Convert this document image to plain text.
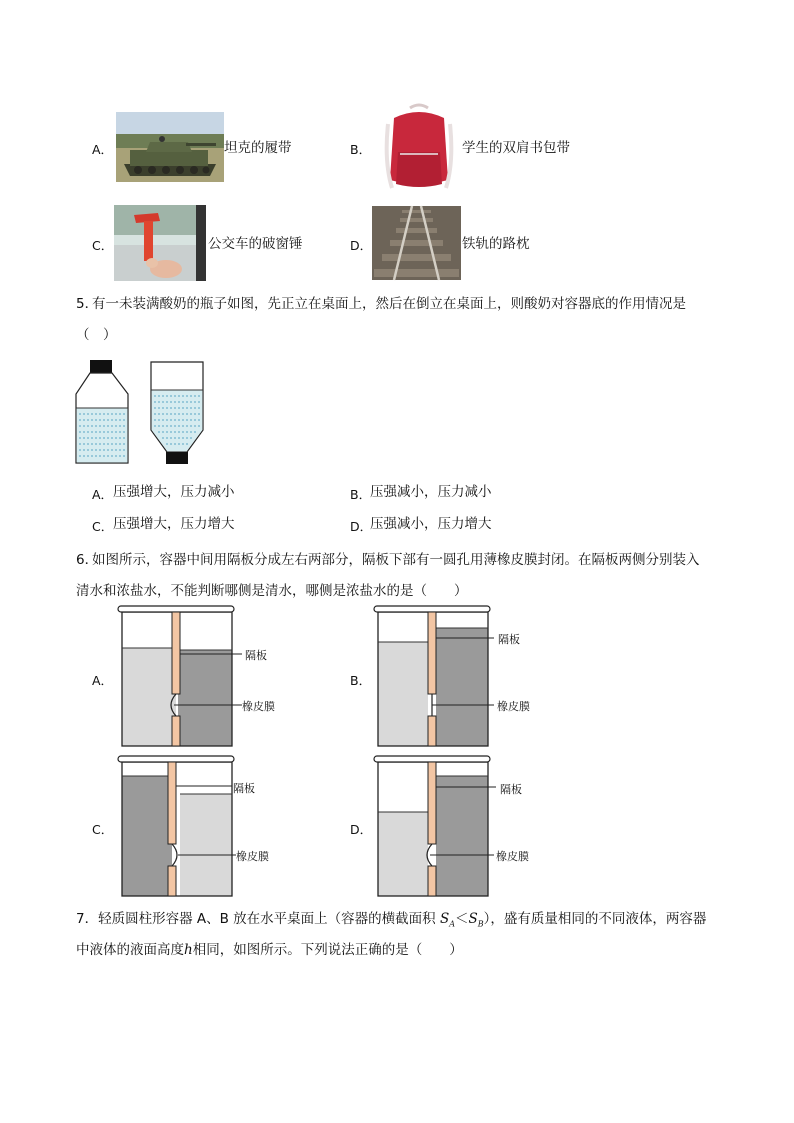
A．	坦克的履带	B．	学生的双肩书包带
C．	公交车的破窗锤	D．	铁轨的路枕
5．
有一未装满酸奶的瓶子如图，先正立在桌面上，然后在倒立在桌面上，则酸奶对容器底的作用情况是
（　）
A． 压强增大，压力减小	B．
压强减小，压力减小
C． 压强增大，压力增大	D．
压强减小，压力增大
6．
如图所示，容器中间用隔板分成左右两部分，隔板下部有一圆孔用薄橡皮膜封闭。在隔板两侧分别装入
清水和浓盐水，不能判断哪侧是清水，哪侧是浓盐水的是（　　）
A．
隔板
橡皮膜
B．
隔板
橡皮膜
C．
隔板
橡皮膜
D．
隔板
橡皮膜
7．轻质圆柱形容器 A、B 放在水平桌面上（容器的横截面积 $S_A<S_B$），盛有质量相同的不同液体，两容器
中液体的液面高度h相同，如图所示。下列说法正确的是（　　）
